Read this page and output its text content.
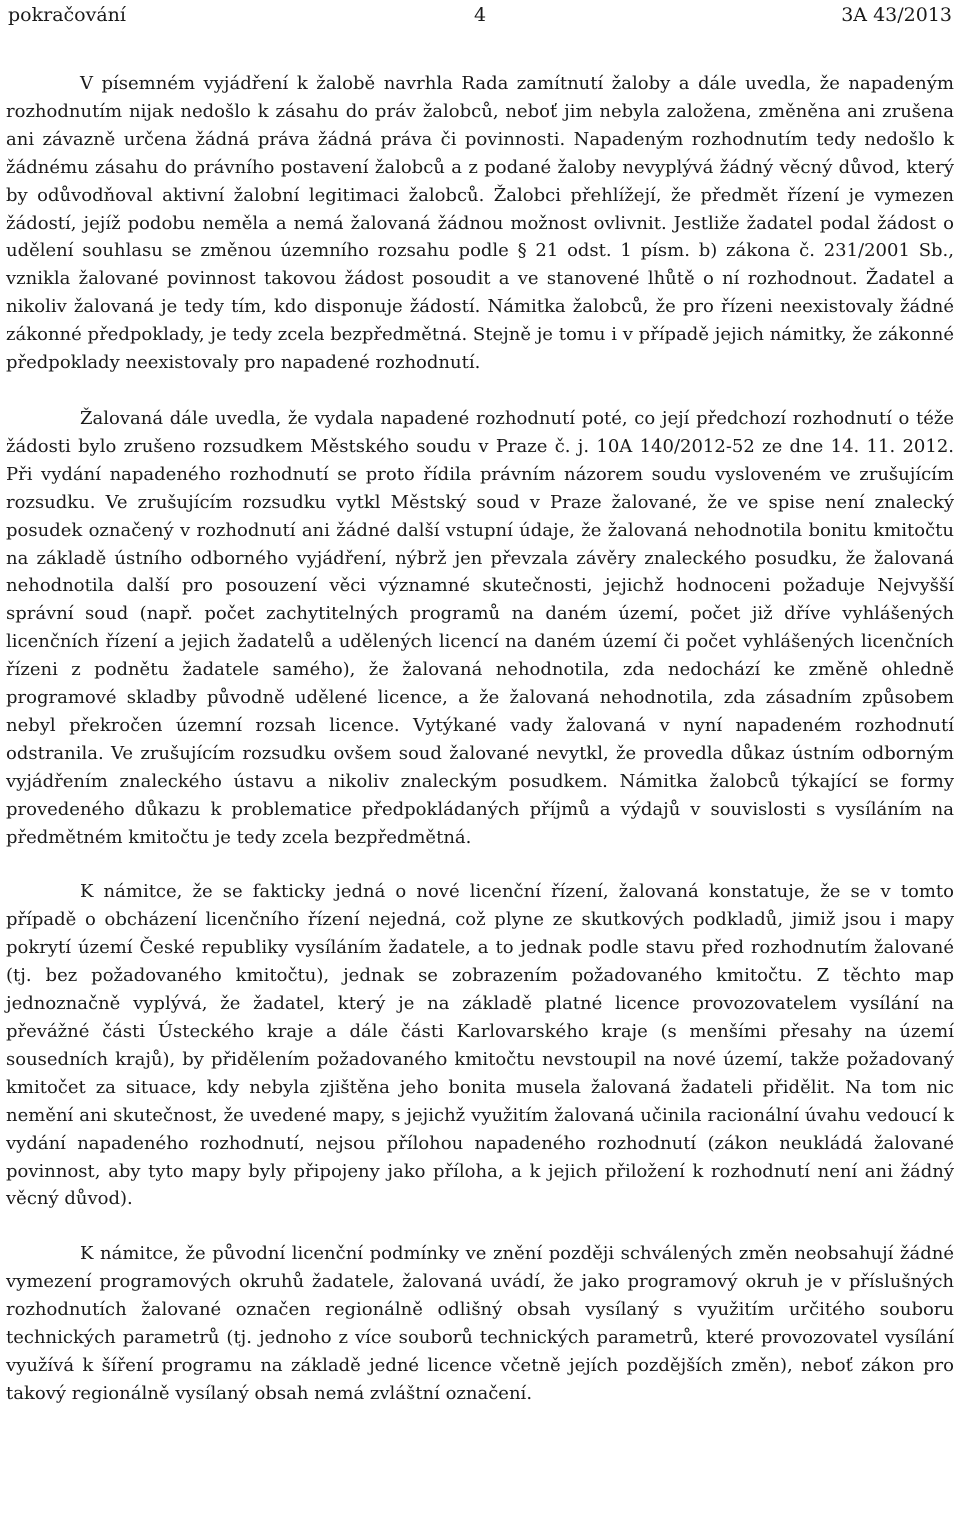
pokračování	4	3A 43/2013

V písemném vyjádření k žalobě navrhla Rada zamítnutí žaloby a dále uvedla, že napadeným rozhodnutím nijak nedošlo k zásahu do práv žalobců, neboť jim nebyla založena, změněna ani zrušena ani závazně určena žádná práva žádná práva či povinnosti. Napadeným rozhodnutím tedy nedošlo k žádnému zásahu do právního postavení žalobců a z podané žaloby nevyplývá žádný věcný důvod, který by odůvodňoval aktivní žalobní legitimaci žalobců. Žalobci přehlížejí, že předmět řízení je vymezen žádostí, jejíž podobu neměla a nemá žalovaná žádnou možnost ovlivnit. Jestliže žadatel podal žádost o udělení souhlasu se změnou územního rozsahu podle § 21 odst. 1 písm. b) zákona č. 231/2001 Sb., vznikla žalované povinnost takovou žádost posoudit a ve stanovené lhůtě o ní rozhodnout. Žadatel a nikoliv žalovaná je tedy tím, kdo disponuje žádostí. Námitka žalobců, že pro řízeni neexistovaly žádné zákonné předpoklady, je tedy zcela bezpředmětná. Stejně je tomu i v případě jejich námitky, že zákonné předpoklady neexistovaly pro napadené rozhodnutí.

Žalovaná dále uvedla, že vydala napadené rozhodnutí poté, co její předchozí rozhodnutí o téže žádosti bylo zrušeno rozsudkem Městského soudu v Praze č. j. 10A 140/2012-52 ze dne 14. 11. 2012. Při vydání napadeného rozhodnutí se proto řídila právním názorem soudu vysloveném ve zrušujícím rozsudku. Ve zrušujícím rozsudku vytkl Městský soud v Praze žalované, že ve spise není znalecký posudek označený v rozhodnutí ani žádné další vstupní údaje, že žalovaná nehodnotila bonitu kmitočtu na základě ústního odborného vyjádření, nýbrž jen převzala závěry znaleckého posudku, že žalovaná nehodnotila další pro posouzení věci významné skutečnosti, jejichž hodnoceni požaduje Nejvyšší správní soud (např. počet zachytitelných programů na daném území, počet již dříve vyhlášených licenčních řízení a jejich žadatelů a udělených licencí na daném území či počet vyhlášených licenčních řízeni z podnětu žadatele samého), že žalovaná nehodnotila, zda nedochází ke změně ohledně programové skladby původně udělené licence, a že žalovaná nehodnotila, zda zásadním způsobem nebyl překročen územní rozsah licence. Vytýkané vady žalovaná v nyní napadeném rozhodnutí odstranila. Ve zrušujícím rozsudku ovšem soud žalované nevytkl, že provedla důkaz ústním odborným vyjádřením znaleckého ústavu a nikoliv znaleckým posudkem. Námitka žalobců týkající se formy provedeného důkazu k problematice předpokládaných příjmů a výdajů v souvislosti s vysíláním na předmětném kmitočtu je tedy zcela bezpředmětná.

K námitce, že se fakticky jedná o nové licenční řízení, žalovaná konstatuje, že se v tomto případě o obcházení licenčního řízení nejedná, což plyne ze skutkových podkladů, jimiž jsou i mapy pokrytí území České republiky vysíláním žadatele, a to jednak podle stavu před rozhodnutím žalované (tj. bez požadovaného kmitočtu), jednak se zobrazením požadovaného kmitočtu. Z těchto map jednoznačně vyplývá, že žadatel, který je na základě platné licence provozovatelem vysílání na převážné části Ústeckého kraje a dále části Karlovarského kraje (s menšími přesahy na území sousedních krajů), by přidělením požadovaného kmitočtu nevstoupil na nové území, takže požadovaný kmitočet za situace, kdy nebyla zjištěna jeho bonita musela žalovaná žadateli přidělit. Na tom nic nemění ani skutečnost, že uvedené mapy, s jejichž využitím žalovaná učinila racionální úvahu vedoucí k vydání napadeného rozhodnutí, nejsou přílohou napadeného rozhodnutí (zákon neukládá žalované povinnost, aby tyto mapy byly připojeny jako příloha, a k jejich přiložení k rozhodnutí není ani žádný věcný důvod).

K námitce, že původní licenční podmínky ve znění později schválených změn neobsahují žádné vymezení programových okruhů žadatele, žalovaná uvádí, že jako programový okruh je v příslušných rozhodnutích žalované označen regionálně odlišný obsah vysílaný s využitím určitého souboru technických parametrů (tj. jednoho z více souborů technických parametrů, které provozovatel vysílání využívá k šíření programu na základě jedné licence včetně jejích pozdějších změn), neboť zákon pro takový regionálně vysílaný obsah nemá zvláštní označení.
